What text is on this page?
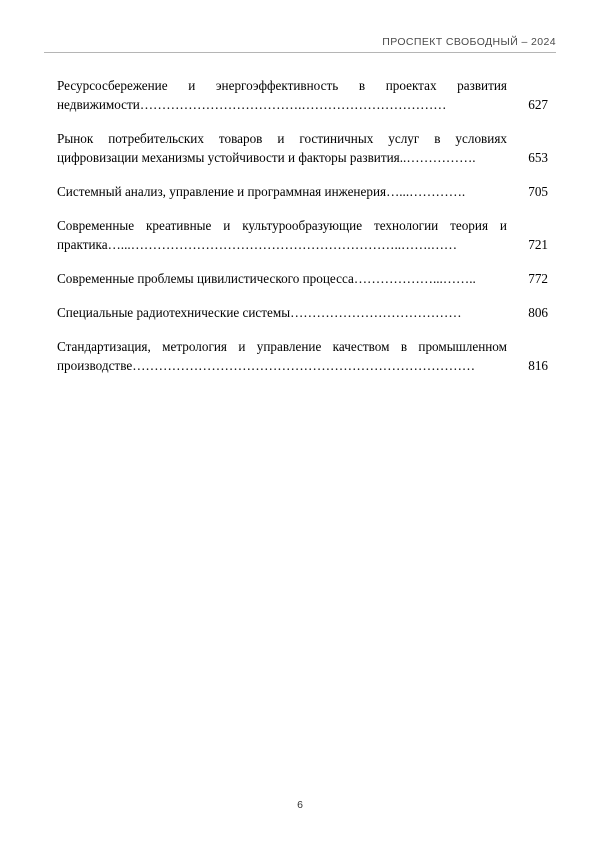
ПРОСПЕКТ СВОБОДНЫЙ – 2024
Ресурсосбережение и энергоэффективность в проектах развития недвижимости……………………………….……………………………	627
Рынок потребительских товаров и гостиничных услуг в условиях цифровизации механизмы устойчивости и факторы развития..…………….	653
Системный анализ, управление и программная инженерия…...………….	705
Современные креативные и культурообразующие технологии теория и практика…...……………………………………………………..…….……	721
Современные проблемы цивилистического процесса………………...……..	772
Специальные радиотехнические системы…………………………………	806
Стандартизация, метрология и управление качеством в промышленном производстве……………………………………………………………………	816
6
